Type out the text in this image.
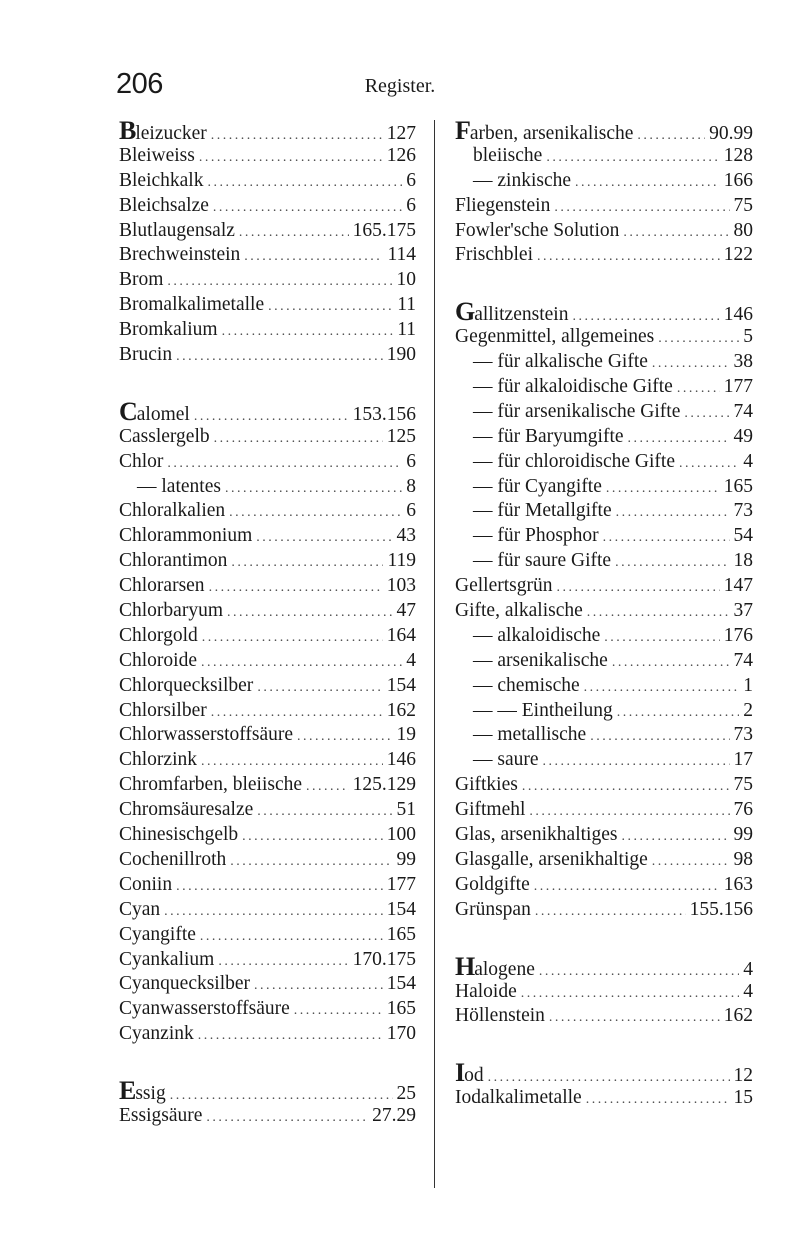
206	Register.
Bleizucker .....	127
Bleiweiss .....	126
Bleichkalk .....	6
Bleichsalze .....	6
Blutlaugensalz .....	165.175
Brechweinstein .....	114
Brom .....	10
Bromalkalimetalle .....	11
Bromkalium .....	11
Brucin .....	190
Calomel .....	153.156
Casslergelb .....	125
Chlor .....	6
— latentes .....	8
Chloralkalien .....	6
Chlorammonium .....	43
Chlorantimon .....	119
Chlorarsen .....	103
Chlorbaryum .....	47
Chlorgold .....	164
Chloroide .....	4
Chlorquecksilber .....	154
Chlorsilber .....	162
Chlorwasserstoffsäure .....	19
Chlorzink .....	146
Chromfarben, bleiische .....	125.129
Chromsäuresalze .....	51
Chinesischgelb .....	100
Cochenillroth .....	99
Coniin .....	177
Cyan .....	154
Cyangifte .....	165
Cyankalium .....	170.175
Cyanquecksilber .....	154
Cyanwasserstoffsäure .....	165
Cyanzink .....	170
Essig .....	25
Essigsäure .....	27.29
Farben, arsenikalische .....	90.99
bleiische .....	128
— zinkische .....	166
Fliegenstein .....	75
Fowler'sche Solution .....	80
Frischblei .....	122
Gallitzenstein .....	146
Gegenmittel, allgemeines .....	5
— für alkalische Gifte .....	38
— für alkaloidische Gifte .....	177
— für arsenikalische Gifte .....	74
— für Baryumgifte .....	49
— für chloroidische Gifte .....	4
— für Cyangifte .....	165
— für Metallgifte .....	73
— für Phosphor .....	54
— für saure Gifte .....	18
Gellertsgrün .....	147
Gifte, alkalische .....	37
— alkaloidische .....	176
— arsenikalische .....	74
— chemische .....	1
— — Eintheilung .....	2
— metallische .....	73
— saure .....	17
Giftkies .....	75
Giftmehl .....	76
Glas, arsenikhaltiges .....	99
Glasgalle, arsenikhaltige .....	98
Goldgifte .....	163
Grünspan .....	155.156
Halogene .....	4
Haloide .....	4
Höllenstein .....	162
Iod .....	12
Iodalkalimetalle .....	15
